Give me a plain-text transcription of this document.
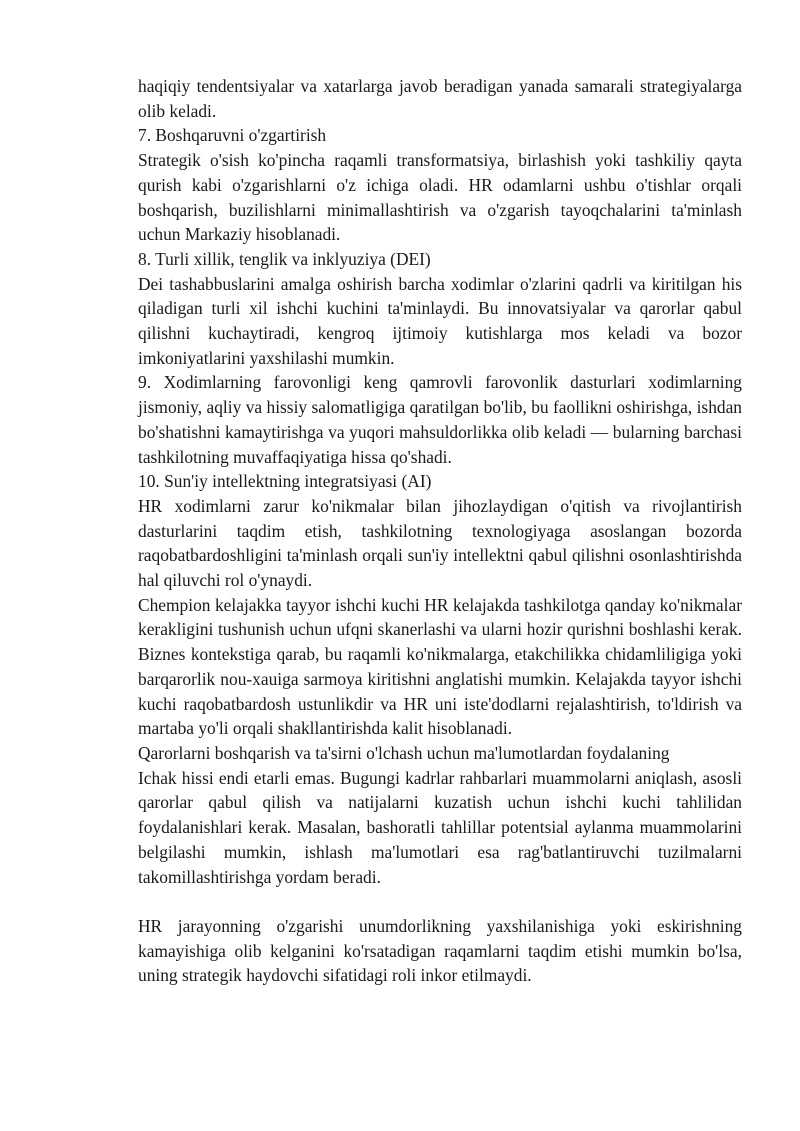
haqiqiy tendentsiyalar va xatarlarga javob beradigan yanada samarali strategiyalarga olib keladi.

7. Boshqaruvni o'zgartirish

Strategik o'sish ko'pincha raqamli transformatsiya, birlashish yoki tashkiliy qayta qurish kabi o'zgarishlarni o'z ichiga oladi. HR odamlarni ushbu o'tishlar orqali boshqarish, buzilishlarni minimallashtirish va o'zgarish tayoqchalarini ta'minlash uchun Markaziy hisoblanadi.

8. Turli xillik, tenglik va inklyuziya (DEI)

Dei tashabbuslarini amalga oshirish barcha xodimlar o'zlarini qadrli va kiritilgan his qiladigan turli xil ishchi kuchini ta'minlaydi. Bu innovatsiyalar va qarorlar qabul qilishni kuchaytiradi, kengroq ijtimoiy kutishlarga mos keladi va bozor imkoniyatlarini yaxshilashi mumkin.

9. Xodimlarning farovonligi keng qamrovli farovonlik dasturlari xodimlarning jismoniy, aqliy va hissiy salomatligiga qaratilgan bo'lib, bu faollikni oshirishga, ishdan bo'shatishni kamaytirishga va yuqori mahsuldorlikka olib keladi — bularning barchasi tashkilotning muvaffaqiyatiga hissa qo'shadi.

10. Sun'iy intellektning integratsiyasi (AI)

HR xodimlarni zarur ko'nikmalar bilan jihozlaydigan o'qitish va rivojlantirish dasturlarini taqdim etish, tashkilotning texnologiyaga asoslangan bozorda raqobatbardoshligini ta'minlash orqali sun'iy intellektni qabul qilishni osonlashtirishda hal qiluvchi rol o'ynaydi.

Chempion kelajakka tayyor ishchi kuchi HR kelajakda tashkilotga qanday ko'nikmalar kerakligini tushunish uchun ufqni skanerlashi va ularni hozir qurishni boshlashi kerak. Biznes kontekstiga qarab, bu raqamli ko'nikmalarga, etakchilikka chidamliligiga yoki barqarorlik nou-xauiga sarmoya kiritishni anglatishi mumkin. Kelajakda tayyor ishchi kuchi raqobatbardosh ustunlikdir va HR uni iste'dodlarni rejalashtirish, to'ldirish va martaba yo'li orqali shakllantirishda kalit hisoblanadi.

Qarorlarni boshqarish va ta'sirni o'lchash uchun ma'lumotlardan foydalaning

Ichak hissi endi etarli emas. Bugungi kadrlar rahbarlari muammolarni aniqlash, asosli qarorlar qabul qilish va natijalarni kuzatish uchun ishchi kuchi tahlilidan foydalanishlari kerak. Masalan, bashoratli tahlillar potentsial aylanma muammolarini belgilashi mumkin, ishlash ma'lumotlari esa rag'batlantiruvchi tuzilmalarni takomillashtirishga yordam beradi.

HR jarayonning o'zgarishi unumdorlikning yaxshilanishiga yoki eskirishning kamayishiga olib kelganini ko'rsatadigan raqamlarni taqdim etishi mumkin bo'lsa, uning strategik haydovchi sifatidagi roli inkor etilmaydi.
